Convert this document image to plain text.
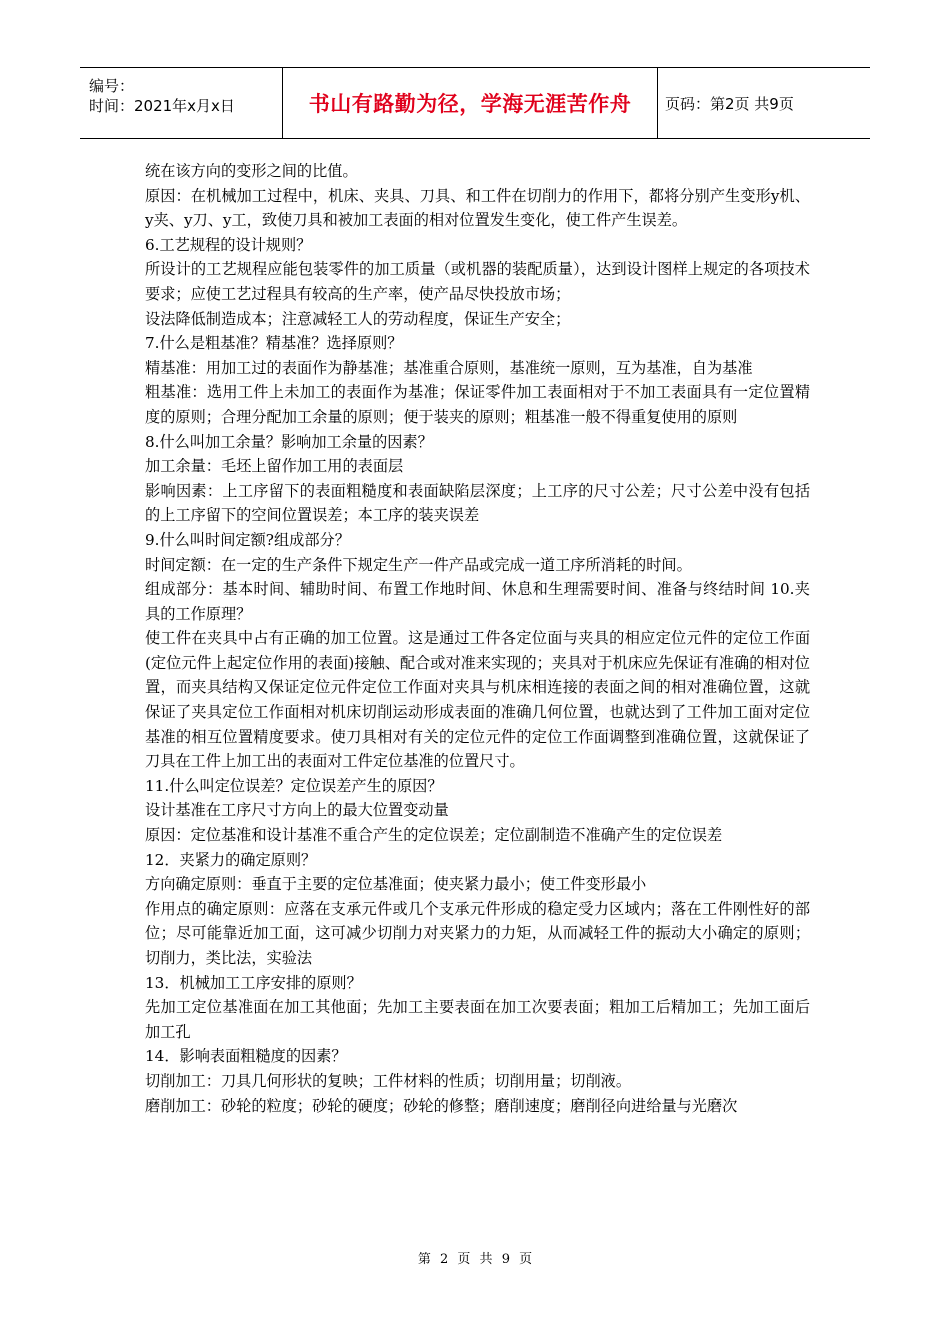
编号：
时间：2021年x月x日	书山有路勤为径，学海无涯苦作舟	页码：第2页 共9页

统在该方向的变形之间的比值。

原因：在机械加工过程中，机床、夹具、刀具、和工件在切削力的作用下，都将分别产生变形y机、y夹、y刀、y工，致使刀具和被加工表面的相对位置发生变化，使工件产生误差。

6.工艺规程的设计规则？

所设计的工艺规程应能包装零件的加工质量（或机器的装配质量），达到设计图样上规定的各项技术要求；应使工艺过程具有较高的生产率，使产品尽快投放市场；

设法降低制造成本；注意减轻工人的劳动程度，保证生产安全；

7.什么是粗基准？精基准？选择原则？

精基准：用加工过的表面作为静基准；基准重合原则，基准统一原则，互为基准，自为基准

粗基准：选用工件上未加工的表面作为基准；保证零件加工表面相对于不加工表面具有一定位置精度的原则；合理分配加工余量的原则；便于装夹的原则；粗基准一般不得重复使用的原则

8.什么叫加工余量？影响加工余量的因素？

加工余量：毛坯上留作加工用的表面层

影响因素：上工序留下的表面粗糙度和表面缺陷层深度；上工序的尺寸公差；尺寸公差中没有包括的上工序留下的空间位置误差；本工序的装夹误差

9.什么叫时间定额?组成部分？

时间定额：在一定的生产条件下规定生产一件产品或完成一道工序所消耗的时间。

组成部分：基本时间、辅助时间、布置工作地时间、休息和生理需要时间、准备与终结时间 10.夹具的工作原理？

使工件在夹具中占有正确的加工位置。这是通过工件各定位面与夹具的相应定位元件的定位工作面(定位元件上起定位作用的表面)接触、配合或对准来实现的；夹具对于机床应先保证有准确的相对位置，而夹具结构又保证定位元件定位工作面对夹具与机床相连接的表面之间的相对准确位置，这就保证了夹具定位工作面相对机床切削运动形成表面的准确几何位置，也就达到了工件加工面对定位基准的相互位置精度要求。使刀具相对有关的定位元件的定位工作面调整到准确位置，这就保证了刀具在工件上加工出的表面对工件定位基准的位置尺寸。

11.什么叫定位误差？定位误差产生的原因？

设计基准在工序尺寸方向上的最大位置变动量

原因：定位基准和设计基准不重合产生的定位误差；定位副制造不准确产生的定位误差

12．夹紧力的确定原则？

方向确定原则：垂直于主要的定位基准面；使夹紧力最小；使工件变形最小

作用点的确定原则：应落在支承元件或几个支承元件形成的稳定受力区域内；落在工件刚性好的部位；尽可能靠近加工面，这可减少切削力对夹紧力的力矩，从而减轻工件的振动大小确定的原则；切削力，类比法，实验法

13．机械加工工序安排的原则？

先加工定位基准面在加工其他面；先加工主要表面在加工次要表面；粗加工后精加工；先加工面后加工孔

14．影响表面粗糙度的因素？

切削加工：刀具几何形状的复映；工件材料的性质；切削用量；切削液。

磨削加工：砂轮的粒度；砂轮的硬度；砂轮的修整；磨削速度；磨削径向进给量与光磨次

第 2 页 共 9 页
